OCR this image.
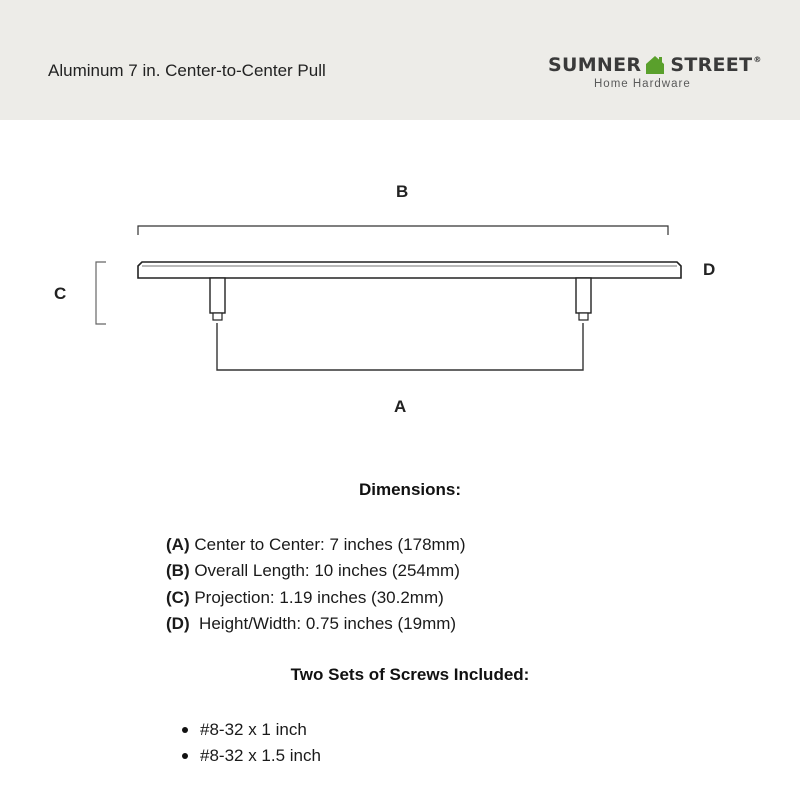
Aluminum 7 in. Center-to-Center Pull	SUMNER STREET ®
Home Hardware
B
C
D
A
Dimensions:
(A) Center to Center: 7 inches (178mm)
(B) Overall Length: 10 inches (254mm)
(C) Projection: 1.19 inches (30.2mm)
(D)  Height/Width: 0.75 inches (19mm)
Two Sets of Screws Included:
#8-32 x 1 inch
#8-32 x 1.5 inch
